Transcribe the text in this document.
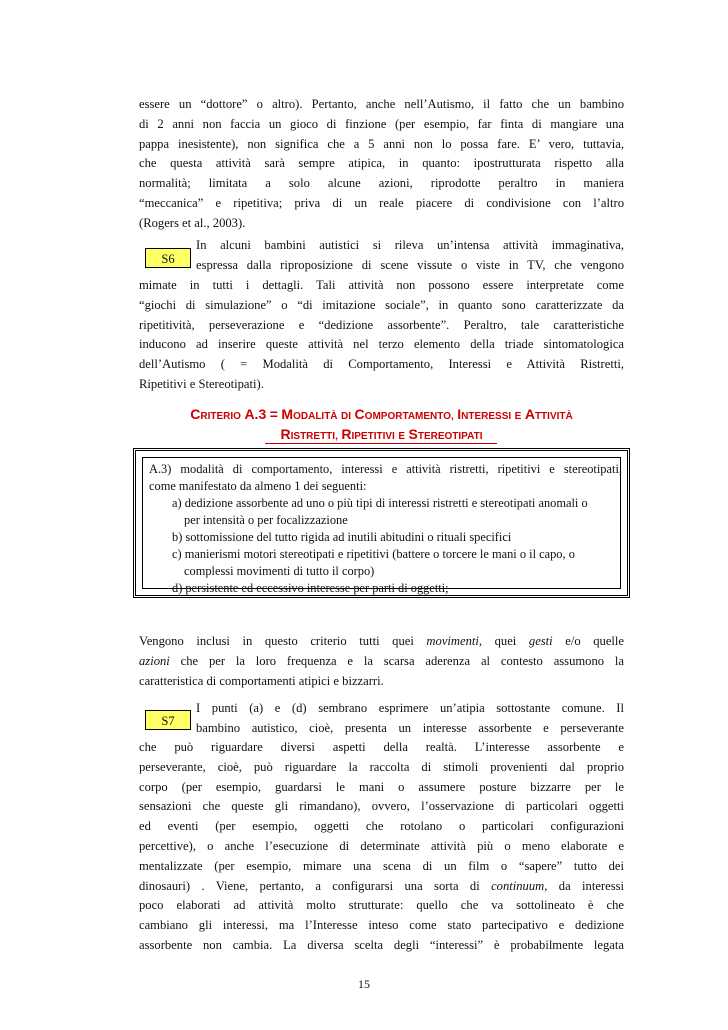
essere un “dottore” o altro). Pertanto, anche nell’Autismo, il fatto che un bambino
di 2 anni non faccia un gioco di finzione (per esempio, far finta di mangiare una
pappa inesistente), non significa che a 5 anni non lo possa fare. E’ vero, tuttavia,
che questa attività sarà sempre atipica, in quanto: ipostrutturata rispetto alla
normalità; limitata a solo alcune azioni, riprodotte peraltro in maniera
“meccanica” e ripetitiva; priva di un reale piacere di condivisione con l’altro
(Rogers et al., 2003).
S6
In alcuni bambini autistici si rileva un’intensa attività immaginativa,
espressa dalla riproposizione di scene vissute o viste in TV, che vengono
mimate in tutti i dettagli. Tali attività non possono essere interpretate come
“giochi di simulazione” o “di imitazione sociale”, in quanto sono caratterizzate da
ripetitività, perseverazione e “dedizione assorbente”. Peraltro, tale caratteristiche
inducono ad inserire queste attività nel terzo elemento della triade sintomatologica
dell’Autismo ( = Modalità di Comportamento, Interessi e Attività Ristretti,
Ripetitivi e Stereotipati).
CRITERIO A.3 = MODALITÀ DI COMPORTAMENTO, INTERESSI E ATTIVITÀ
RISTRETTI, RIPETITIVI E STEREOTIPATI
A.3) modalità di comportamento, interessi e attività ristretti, ripetitivi e stereotipati,
come manifestato da almeno 1 dei seguenti:
a) dedizione assorbente ad uno o più tipi di interessi ristretti e stereotipati anomali o
per intensità o per focalizzazione
b) sottomissione del tutto rigida ad inutili abitudini o rituali specifici
c) manierismi motori stereotipati e ripetitivi (battere o torcere le mani o il capo, o
complessi movimenti di tutto il corpo)
d) persistente ed eccessivo interesse per parti di oggetti;
Vengono inclusi in questo criterio tutti quei movimenti, quei gesti e/o quelle
azioni che per la loro frequenza e la scarsa aderenza al contesto assumono la
caratteristica di comportamenti atipici e bizzarri.
S7
I punti (a) e (d) sembrano esprimere un’atipia sottostante comune. Il
bambino autistico, cioè, presenta un interesse assorbente e perseverante
che può riguardare diversi aspetti della realtà. L’interesse assorbente e
perseverante, cioè, può riguardare la raccolta di stimoli provenienti dal proprio
corpo (per esempio, guardarsi le mani o assumere posture bizzarre per le
sensazioni che queste gli rimandano), ovvero, l’osservazione di particolari oggetti
ed eventi (per esempio, oggetti che rotolano o particolari configurazioni
percettive), o anche l’esecuzione di determinate attività più o meno elaborate e
mentalizzate (per esempio, mimare una scena di un film o “sapere” tutto dei
dinosauri) . Viene, pertanto, a configurarsi una sorta di continuum, da interessi
poco elaborati ad attività molto strutturate: quello che va sottolineato è che
cambiano gli interessi, ma l’Interesse inteso come stato partecipativo e dedizione
assorbente non cambia. La diversa scelta degli “interessi” è probabilmente legata
15
